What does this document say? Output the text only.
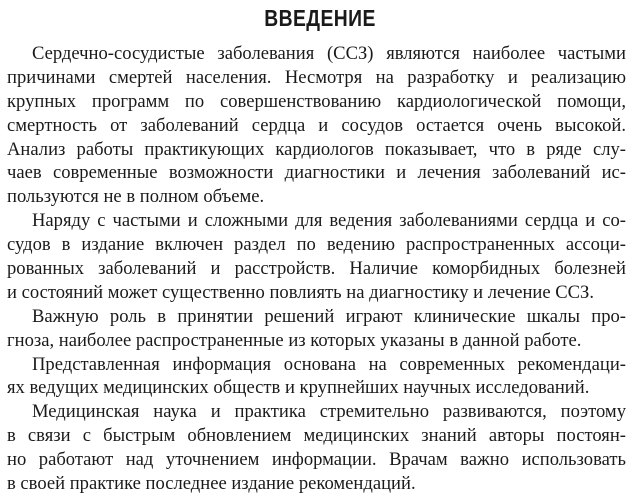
ВВЕДЕНИЕ
Сердечно-сосудистые заболевания (ССЗ) являются наиболее частыми
причинами смертей населения. Несмотря на разработку и реализацию
крупных программ по совершенствованию кардиологической помощи,
смертность от заболеваний сердца и сосудов остается очень высокой.
Анализ работы практикующих кардиологов показывает, что в ряде слу-
чаев современные возможности диагностики и лечения заболеваний ис-
пользуются не в полном объеме.
Наряду с частыми и сложными для ведения заболеваниями сердца и со-
судов в издание включен раздел по ведению распространенных ассоци-
рованных заболеваний и расстройств. Наличие коморбидных болезней
и состояний может существенно повлиять на диагностику и лечение ССЗ.
Важную роль в принятии решений играют клинические шкалы про-
гноза, наиболее распространенные из которых указаны в данной работе.
Представленная информация основана на современных рекомендаци-
ях ведущих медицинских обществ и крупнейших научных исследований.
Медицинская наука и практика стремительно развиваются, поэтому
в связи с быстрым обновлением медицинских знаний авторы постоян-
но работают над уточнением информации. Врачам важно использовать
в своей практике последнее издание рекомендаций.
